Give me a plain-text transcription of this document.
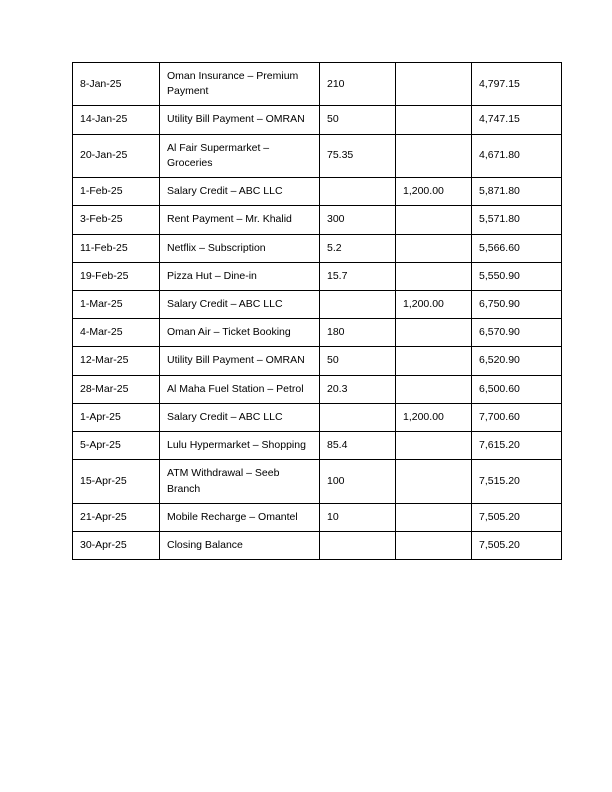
8-Jan-25	Oman Insurance – Premium Payment	210		4,797.15
14-Jan-25	Utility Bill Payment – OMRAN	50		4,747.15
20-Jan-25	Al Fair Supermarket – Groceries	75.35		4,671.80
1-Feb-25	Salary Credit – ABC LLC		1,200.00	5,871.80
3-Feb-25	Rent Payment – Mr. Khalid	300		5,571.80
11-Feb-25	Netflix – Subscription	5.2		5,566.60
19-Feb-25	Pizza Hut – Dine-in	15.7		5,550.90
1-Mar-25	Salary Credit – ABC LLC		1,200.00	6,750.90
4-Mar-25	Oman Air – Ticket Booking	180		6,570.90
12-Mar-25	Utility Bill Payment – OMRAN	50		6,520.90
28-Mar-25	Al Maha Fuel Station – Petrol	20.3		6,500.60
1-Apr-25	Salary Credit – ABC LLC		1,200.00	7,700.60
5-Apr-25	Lulu Hypermarket – Shopping	85.4		7,615.20
15-Apr-25	ATM Withdrawal – Seeb Branch	100		7,515.20
21-Apr-25	Mobile Recharge – Omantel	10		7,505.20
30-Apr-25	Closing Balance			7,505.20
